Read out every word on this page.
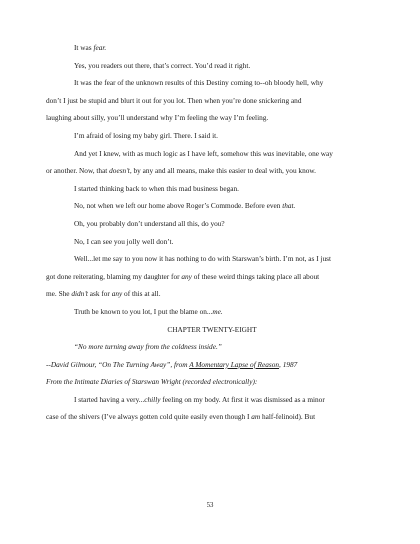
It was fear.

Yes, you readers out there, that’s correct. You’d read it right.

It was the fear of the unknown results of this Destiny coming to--oh bloody hell, why

don’t I just be stupid and blurt it out for you lot. Then when you’re done snickering and

laughing about silly, you’ll understand why I’m feeling the way I’m feeling.

I’m afraid of losing my baby girl. There. I said it.

And yet I knew, with as much logic as I have left, somehow this was inevitable, one way

or another. Now, that doesn’t, by any and all means, make this easier to deal with, you know.

I started thinking back to when this mad business began.

No, not when we left our home above Roger’s Commode. Before even that.

Oh, you probably don’t understand all this, do you?

No, I can see you jolly well don’t.

Well...let me say to you now it has nothing to do with Starswan’s birth. I’m not, as I just

got done reiterating, blaming my daughter for any of these weird things taking place all about

me. She didn’t ask for any of this at all.

Truth be known to you lot, I put the blame on...me.

CHAPTER TWENTY-EIGHT

“No more turning away from the coldness inside.”

--David Gilmour, “On The Turning Away”, from A Momentary Lapse of Reason, 1987

From the Intimate Diaries of Starswan Wright (recorded electronically):

I started having a very...chilly feeling on my body. At first it was dismissed as a minor

case of the shivers (I’ve always gotten cold quite easily even though I am half-felinoid). But

53
